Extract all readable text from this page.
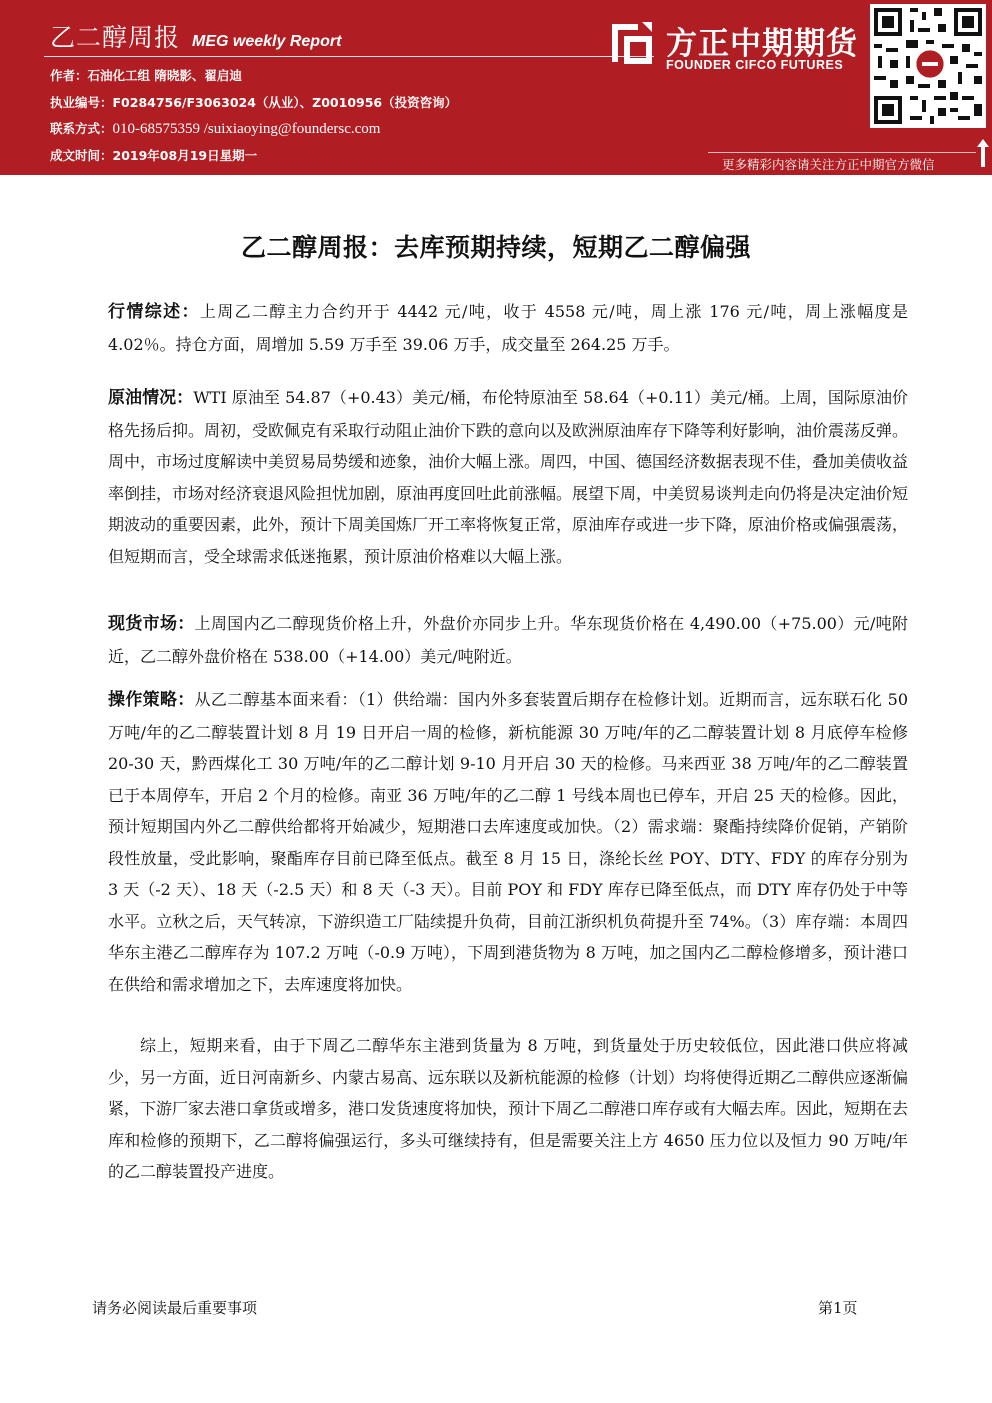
乙二醇周报 MEG weekly Report
作者：石油化工组 隋晓影、翟启迪
执业编号：F0284756/F3063024（从业）、Z0010956（投资咨询）
联系方式：010-68575359 /suixiaoying@foundersc.com
成文时间：2019年08月19日星期一
方正中期期货
FOUNDER CIFCO FUTURES
更多精彩内容请关注方正中期官方微信
乙二醇周报：去库预期持续，短期乙二醇偏强

行情综述：上周乙二醇主力合约开于 4442 元/吨，收于 4558 元/吨，周上涨 176 元/吨，周上涨幅度是 4.02％。持仓方面，周增加 5.59 万手至 39.06 万手，成交量至 264.25 万手。

原油情况：WTI 原油至 54.87（+0.43）美元/桶，布伦特原油至 58.64（+0.11）美元/桶。上周，国际原油价格先扬后抑。周初，受欧佩克有采取行动阻止油价下跌的意向以及欧洲原油库存下降等利好影响，油价震荡反弹。周中，市场过度解读中美贸易局势缓和迹象，油价大幅上涨。周四，中国、德国经济数据表现不佳，叠加美债收益率倒挂，市场对经济衰退风险担忧加剧，原油再度回吐此前涨幅。展望下周，中美贸易谈判走向仍将是决定油价短期波动的重要因素，此外，预计下周美国炼厂开工率将恢复正常，原油库存或进一步下降，原油价格或偏强震荡，但短期而言，受全球需求低迷拖累，预计原油价格难以大幅上涨。

现货市场：上周国内乙二醇现货价格上升，外盘价亦同步上升。华东现货价格在 4,490.00（+75.00）元/吨附近，乙二醇外盘价格在 538.00（+14.00）美元/吨附近。

操作策略：从乙二醇基本面来看：（1）供给端：国内外多套装置后期存在检修计划。近期而言，远东联石化 50 万吨/年的乙二醇装置计划 8 月 19 日开启一周的检修，新杭能源 30 万吨/年的乙二醇装置计划 8 月底停车检修 20-30 天，黔西煤化工 30 万吨/年的乙二醇计划 9-10 月开启 30 天的检修。马来西亚 38 万吨/年的乙二醇装置已于本周停车，开启 2 个月的检修。南亚 36 万吨/年的乙二醇 1 号线本周也已停车，开启 25 天的检修。因此，预计短期国内外乙二醇供给都将开始减少，短期港口去库速度或加快。（2）需求端：聚酯持续降价促销，产销阶段性放量，受此影响，聚酯库存目前已降至低点。截至 8 月 15 日，涤纶长丝 POY、DTY、FDY 的库存分别为 3 天（-2 天）、18 天（-2.5 天）和 8 天（-3 天）。目前 POY 和 FDY 库存已降至低点，而 DTY 库存仍处于中等水平。立秋之后，天气转凉，下游织造工厂陆续提升负荷，目前江浙织机负荷提升至 74%。（3）库存端：本周四华东主港乙二醇库存为 107.2 万吨（-0.9 万吨），下周到港货物为 8 万吨，加之国内乙二醇检修增多，预计港口在供给和需求增加之下，去库速度将加快。

综上，短期来看，由于下周乙二醇华东主港到货量为 8 万吨，到货量处于历史较低位，因此港口供应将减少，另一方面，近日河南新乡、内蒙古易高、远东联以及新杭能源的检修（计划）均将使得近期乙二醇供应逐渐偏紧，下游厂家去港口拿货或增多，港口发货速度将加快，预计下周乙二醇港口库存或有大幅去库。因此，短期在去库和检修的预期下，乙二醇将偏强运行，多头可继续持有，但是需要关注上方 4650 压力位以及恒力 90 万吨/年的乙二醇装置投产进度。

请务必阅读最后重要事项	第1页
